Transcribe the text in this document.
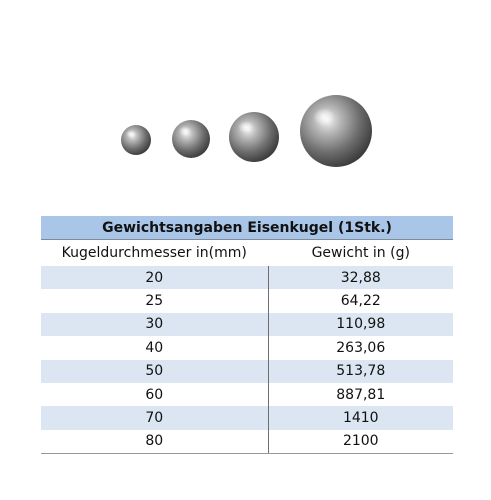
Gewichtsangaben Eisenkugel (1Stk.)	
Kugeldurchmesser in(mm)	Gewicht in (g)
20	32,88
25	64,22
30	110,98
40	263,06
50	513,78
60	887,81
70	1410
80	2100
